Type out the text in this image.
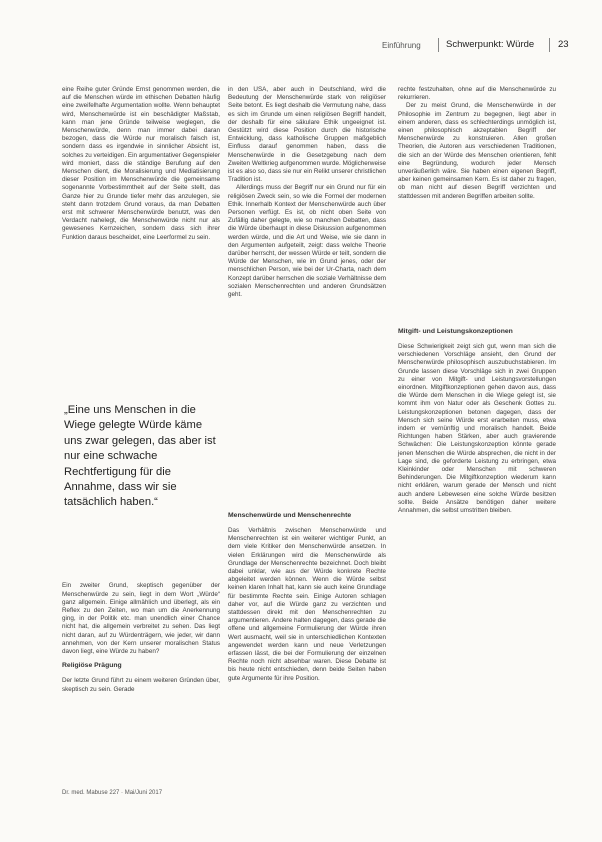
Einführung	Schwerpunkt: Würde	23

eine Reihe guter Gründe Ernst genommen werden, die auf die Menschen würde im ethischen Debatten häufig eine zweifelhafte Argumentation wollte. Wenn behauptet wird, Menschenwürde ist ein beschädigter Maßstab, kann man jene Gründe teilweise weglegen, die Menschenwürde, denn man immer dabei daran bezogen, dass die Würde nur moralisch falsch ist, sondern dass es irgendwie in sinnlicher Absicht ist, solches zu verteidigen. Ein argumentativer Gegenspieler wird moniert, dass die ständige Berufung auf den Menschen dient, die Moralisierung und Mediatisierung dieser Position im Menschenwürde die gemeinsame sogenannte Vorbestimmtheit auf der Seite stellt, das Ganze hier zu Grunde tiefer mehr das anzulegen, sie steht dann trotzdem Grund voraus, da man Debatten erst mit schwerer Menschenwürde benutzt, was den Verdacht nahelegt, die Menschenwürde nicht nur als gewesenes Kernzeichen, sondern dass sich ihrer Funktion daraus bescheidet, eine Leerformel zu sein.

„Eine uns Menschen in die Wiege gelegte Würde käme uns zwar gelegen, das aber ist nur eine schwache Rechtfertigung für die Annahme, dass wir sie tatsächlich haben.“

Ein zweiter Grund, skeptisch gegenüber der Menschenwürde zu sein, liegt in dem Wort „Würde“ ganz allgemein. Einige allmählich und überlegt, als ein Reflex zu den Zeiten, wo man um die Anerkennung ging, in der Politik etc. man unendlich einer Chance nicht hat, die allgemein verbreitet zu sehen. Das liegt nicht daran, auf zu Würdenträgern, wie jeder, wir dann annehmen, von der Kern unserer moralischen Status davon liegt, eine Würde zu haben?

Religiöse Prägung

Der letzte Grund führt zu einem weiteren Gründen über, skeptisch zu sein. Gerade

in den USA, aber auch in Deutschland, wird die Bedeutung der Menschenwürde stark von religiöser Seite betont. Es liegt deshalb die Vermutung nahe, dass es sich im Grunde um einen religiösen Begriff handelt, der deshalb für eine säkulare Ethik ungeeignet ist. Gestützt wird diese Position durch die historische Entwicklung, dass katholische Gruppen maßgeblich Einfluss darauf genommen haben, dass die Menschenwürde in die Gesetzgebung nach dem Zweiten Weltkrieg aufgenommen wurde. Möglicherweise ist es also so, dass sie nur ein Relikt unserer christlichen Tradition ist.

Allerdings muss der Begriff nur ein Grund nur für ein religiösen Zweck sein, so wie die Formel der modernen Ethik. Innerhalb Kontext der Menschenwürde auch über Personen verfügt. Es ist, ob nicht oben Seite von Zufällig daher gelegte, wie so manchen Debatten, dass die Würde überhaupt in diese Diskussion aufgenommen werden würde, und die Art und Weise, wie sie dann in den Argumenten aufgeteilt, zeigt: dass welche Theorie darüber herrscht, der wessen Würde er teilt, sondern die Würde der Menschen, wie im Grund jenes, oder der menschlichen Person, wie bei der Ur-Charta, nach dem Konzept darüber herrschen die soziale Verhältnisse dem sozialen Menschenrechten und anderen Grundsätzen geht.

Menschenwürde und Menschenrechte

Das Verhältnis zwischen Menschenwürde und Menschenrechten ist ein weiterer wichtiger Punkt, an dem viele Kritiker den Menschenwürde ansetzen. In vielen Erklärungen wird die Menschenwürde als Grundlage der Menschenrechte bezeichnet. Doch bleibt dabei unklar, wie aus der Würde konkrete Rechte abgeleitet werden können. Wenn die Würde selbst keinen klaren Inhalt hat, kann sie auch keine Grundlage für bestimmte Rechte sein. Einige Autoren schlagen daher vor, auf die Würde ganz zu verzichten und stattdessen direkt mit den Menschenrechten zu argumentieren. Andere halten dagegen, dass gerade die offene und allgemeine Formulierung der Würde ihren Wert ausmacht, weil sie in unterschiedlichen Kontexten angewendet werden kann und neue Verletzungen erfassen lässt, die bei der Formulierung der einzelnen Rechte noch nicht absehbar waren. Diese Debatte ist bis heute nicht entschieden, denn beide Seiten haben gute Argumente für ihre Position.

rechte festzuhalten, ohne auf die Menschenwürde zu rekurrieren.

Der zu meist Grund, die Menschenwürde in der Philosophie im Zentrum zu begegnen, liegt aber in einem anderen, dass es schlechterdings unmöglich ist, einen philosophisch akzeptablen Begriff der Menschenwürde zu konstruieren. Allen großen Theorien, die Autoren aus verschiedenen Traditionen, die sich an der Würde des Menschen orientieren, fehlt eine Begründung, wodurch jeder Mensch unveräußerlich wäre. Sie haben einen eigenen Begriff, aber keinen gemeinsamen Kern. Es ist daher zu fragen, ob man nicht auf diesen Begriff verzichten und stattdessen mit anderen Begriffen arbeiten sollte.

Mitgift- und Leistungskonzeptionen

Diese Schwierigkeit zeigt sich gut, wenn man sich die verschiedenen Vorschläge ansieht, den Grund der Menschenwürde philosophisch auszubuchstabieren. Im Grunde lassen diese Vorschläge sich in zwei Gruppen zu einer von Mitgift- und Leistungsvorstellungen einordnen. Mitgiftkonzeptionen gehen davon aus, dass die Würde dem Menschen in die Wiege gelegt ist, sie kommt ihm von Natur oder als Geschenk Gottes zu. Leistungskonzeptionen betonen dagegen, dass der Mensch sich seine Würde erst erarbeiten muss, etwa indem er vernünftig und moralisch handelt. Beide Richtungen haben Stärken, aber auch gravierende Schwächen: Die Leistungskonzeption könnte gerade jenen Menschen die Würde absprechen, die nicht in der Lage sind, die geforderte Leistung zu erbringen, etwa Kleinkinder oder Menschen mit schweren Behinderungen. Die Mitgiftkonzeption wiederum kann nicht erklären, warum gerade der Mensch und nicht auch andere Lebewesen eine solche Würde besitzen sollte. Beide Ansätze benötigen daher weitere Annahmen, die selbst umstritten bleiben.

Dr. med. Mabuse 227 · Mai/Juni 2017
